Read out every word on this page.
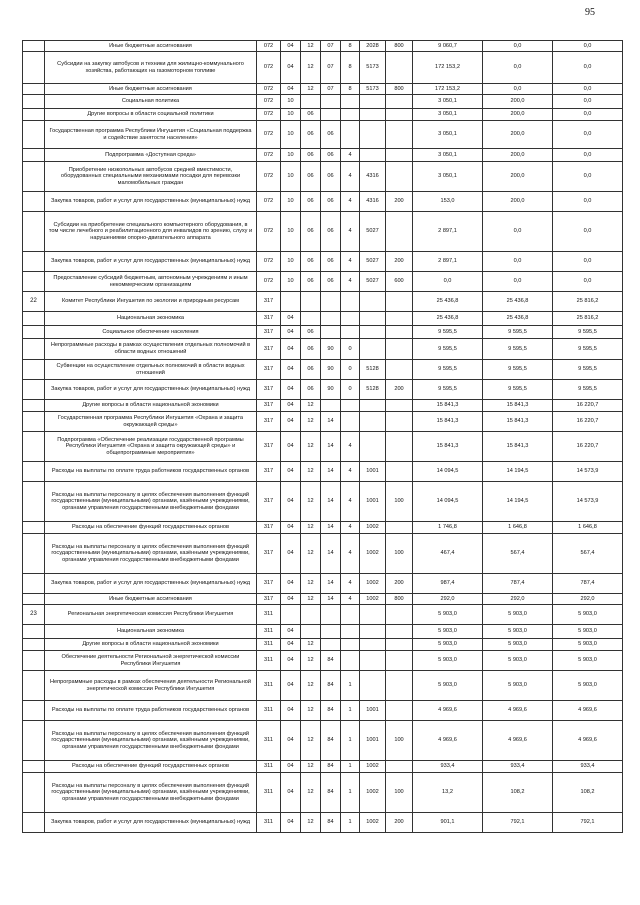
95
	Иные бюджетные ассигнования	072	04	12	07	8	2028	800	9 060,7	0,0	0,0
	Субсидии на закупку автобусов и техники для жилищно-коммунального хозяйства, работающих на газомоторном топливе	072	04	12	07	8	5173		172 153,2	0,0	0,0
	Иные бюджетные ассигнования	072	04	12	07	8	5173	800	172 153,2	0,0	0,0
	Социальная политика	072	10						3 050,1	200,0	0,0
	Другие вопросы в области социальной политики	072	10	06					3 050,1	200,0	0,0
	Государственная программа Республики Ингушетия «Социальная поддержка и содействие занятости населения»	072	10	06	06				3 050,1	200,0	0,0
	Подпрограмма «Доступная среда»	072	10	06	06	4			3 050,1	200,0	0,0
	Приобретение низкопольных автобусов средней вместимости, оборудованных специальными механизмами посадки для перевозки маломобильных граждан	072	10	06	06	4	4316		3 050,1	200,0	0,0
	Закупка товаров, работ и услуг для государственных (муниципальных) нужд	072	10	06	06	4	4316	200	153,0	200,0	0,0
	Субсидии на приобретение специального компьютерного оборудования, в том числе лечебного и реабилитационного для инвалидов по зрению, слуху и нарушениями опорно-двигательного аппарата	072	10	06	06	4	5027		2 897,1	0,0	0,0
	Закупка товаров, работ и услуг для государственных (муниципальных) нужд	072	10	06	06	4	5027	200	2 897,1	0,0	0,0
	Предоставление субсидий бюджетным, автономным учреждениям и иным некоммерческим организациям	072	10	06	06	4	5027	600	0,0	0,0	0,0
22	Комитет Республики Ингушетия по экологии и природным ресурсам	317							25 436,8	25 436,8	25 816,2
	Национальная экономика	317	04						25 436,8	25 436,8	25 816,2
	Социальное обеспечение населения	317	04	06					9 595,5	9 595,5	9 595,5
	Непрограммные расходы в рамках осуществления отдельных полномочий в области водных отношений	317	04	06	90	0			9 595,5	9 595,5	9 595,5
	Субвенции на осуществление отдельных полномочий в области водных отношений	317	04	06	90	0	5128		9 595,5	9 595,5	9 595,5
	Закупка товаров, работ и услуг для государственных (муниципальных) нужд	317	04	06	90	0	5128	200	9 595,5	9 595,5	9 595,5
	Другие вопросы в области национальной экономики	317	04	12					15 841,3	15 841,3	16 220,7
	Государственная программа Республики Ингушетия «Охрана и защита окружающей среды»	317	04	12	14				15 841,3	15 841,3	16 220,7
	Подпрограмма «Обеспечение реализации государственной программы Республики Ингушетия «Охрана и защита окружающей среды» и общепрограммные мероприятия»	317	04	12	14	4			15 841,3	15 841,3	16 220,7
	Расходы на выплаты по оплате труда работников государственных органов	317	04	12	14	4	1001		14 094,5	14 194,5	14 573,9
	Расходы на выплаты персоналу в целях обеспечения выполнения функций государственными (муниципальными) органами, казёнными учреждениями, органами управления государственными внебюджетными фондами	317	04	12	14	4	1001	100	14 094,5	14 194,5	14 573,9
	Расходы на обеспечение функций государственных органов	317	04	12	14	4	1002		1 746,8	1 646,8	1 646,8
	Расходы на выплаты персоналу в целях обеспечения выполнения функций государственными (муниципальными) органами, казёнными учреждениями, органами управления государственными внебюджетными фондами	317	04	12	14	4	1002	100	467,4	567,4	567,4
	Закупка товаров, работ и услуг для государственных (муниципальных) нужд	317	04	12	14	4	1002	200	987,4	787,4	787,4
	Иные бюджетные ассигнования	317	04	12	14	4	1002	800	292,0	292,0	292,0
23	Региональная энергетическая комиссия Республики Ингушетия	311							5 903,0	5 903,0	5 903,0
	Национальная экономика	311	04						5 903,0	5 903,0	5 903,0
	Другие вопросы в области национальной экономики	311	04	12					5 903,0	5 903,0	5 903,0
	Обеспечение деятельности Региональной энергетической комиссии Республики Ингушетия	311	04	12	84				5 903,0	5 903,0	5 903,0
	Непрограммные расходы в рамках обеспечения деятельности Региональной энергетической комиссии Республики Ингушетия	311	04	12	84	1			5 903,0	5 903,0	5 903,0
	Расходы на выплаты по оплате труда работников государственных органов	311	04	12	84	1	1001		4 969,6	4 969,6	4 969,6
	Расходы на выплаты персоналу в целях обеспечения выполнения функций государственными (муниципальными) органами, казёнными учреждениями, органами управления государственными внебюджетными фондами	311	04	12	84	1	1001	100	4 969,6	4 969,6	4 969,6
	Расходы на обеспечение функций государственных органов	311	04	12	84	1	1002		933,4	933,4	933,4
	Расходы на выплаты персоналу в целях обеспечения выполнения функций государственными (муниципальными) органами, казёнными учреждениями, органами управления государственными внебюджетными фондами	311	04	12	84	1	1002	100	13,2	108,2	108,2
	Закупка товаров, работ и услуг для государственных (муниципальных) нужд	311	04	12	84	1	1002	200	901,1	792,1	792,1
